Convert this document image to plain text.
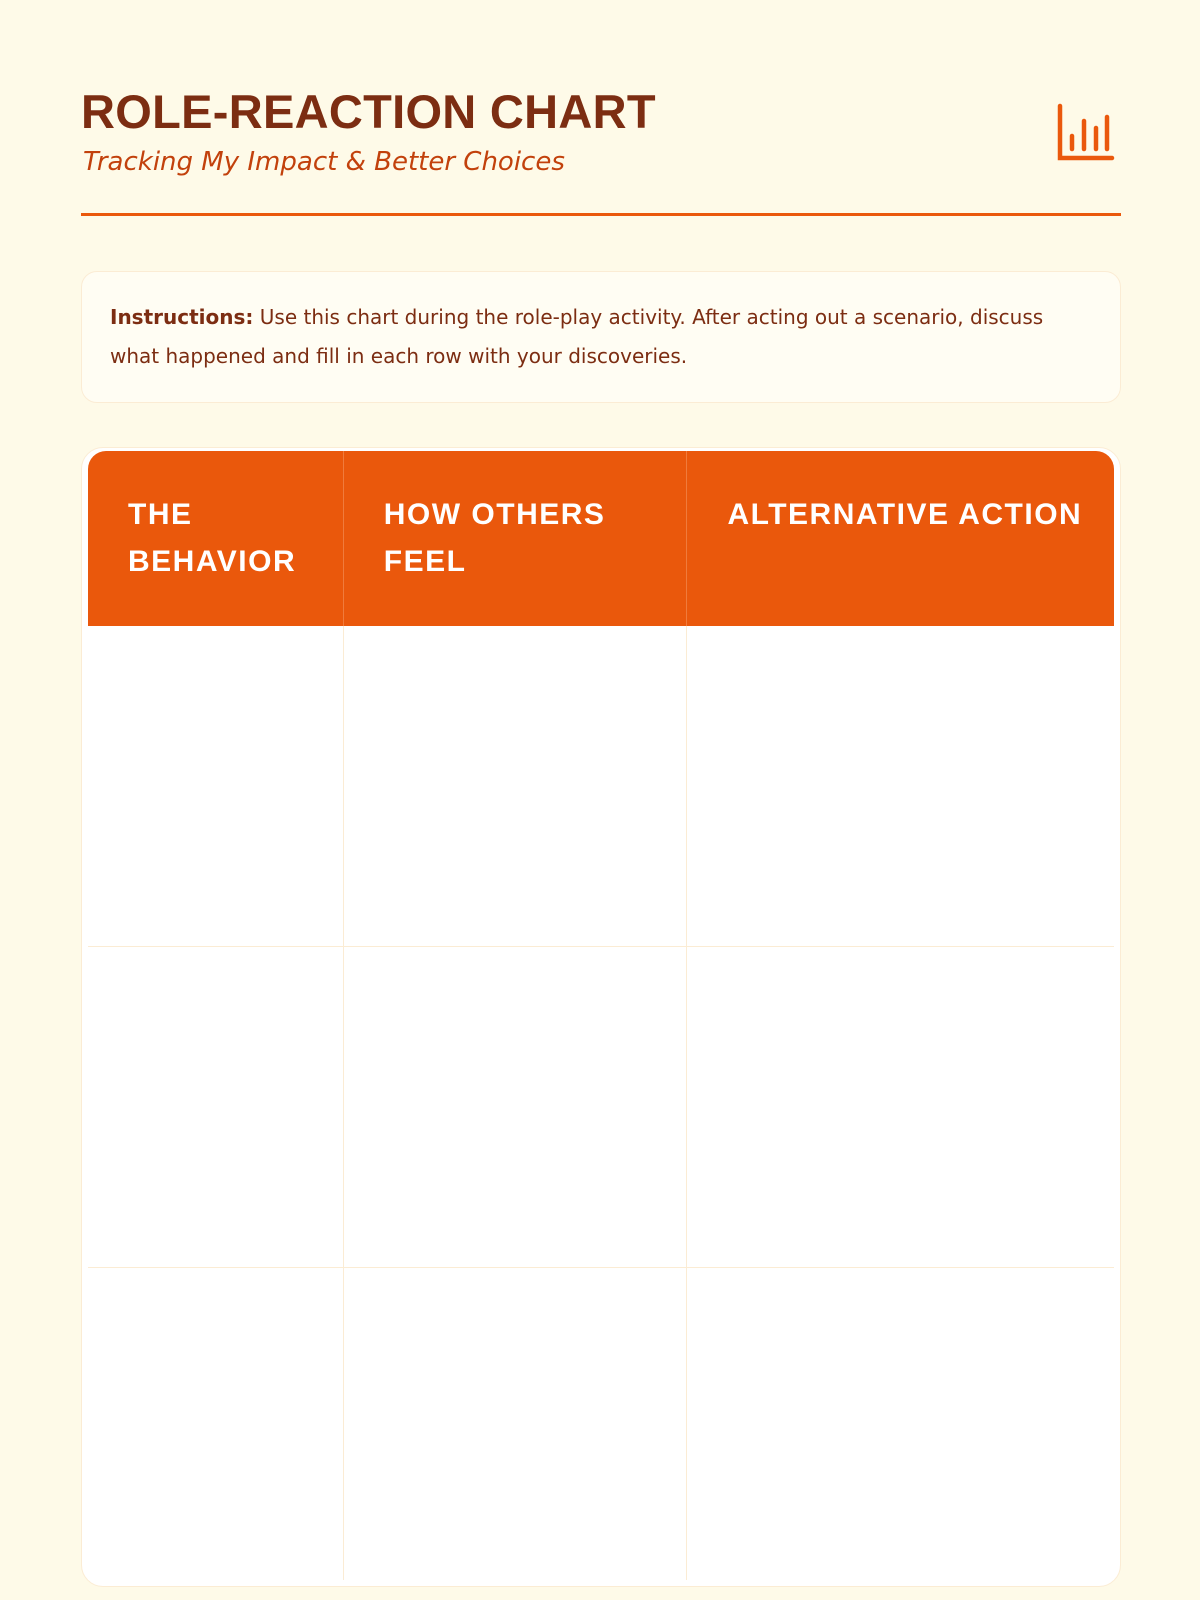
ROLE-REACTION CHART
Tracking My Impact & Better Choices
Instructions: Use this chart during the role-play activity. After acting out a scenario, discuss what happened and fill in each row with your discoveries.
THE BEHAVIOR
HOW OTHERS FEEL
ALTERNATIVE ACTION
